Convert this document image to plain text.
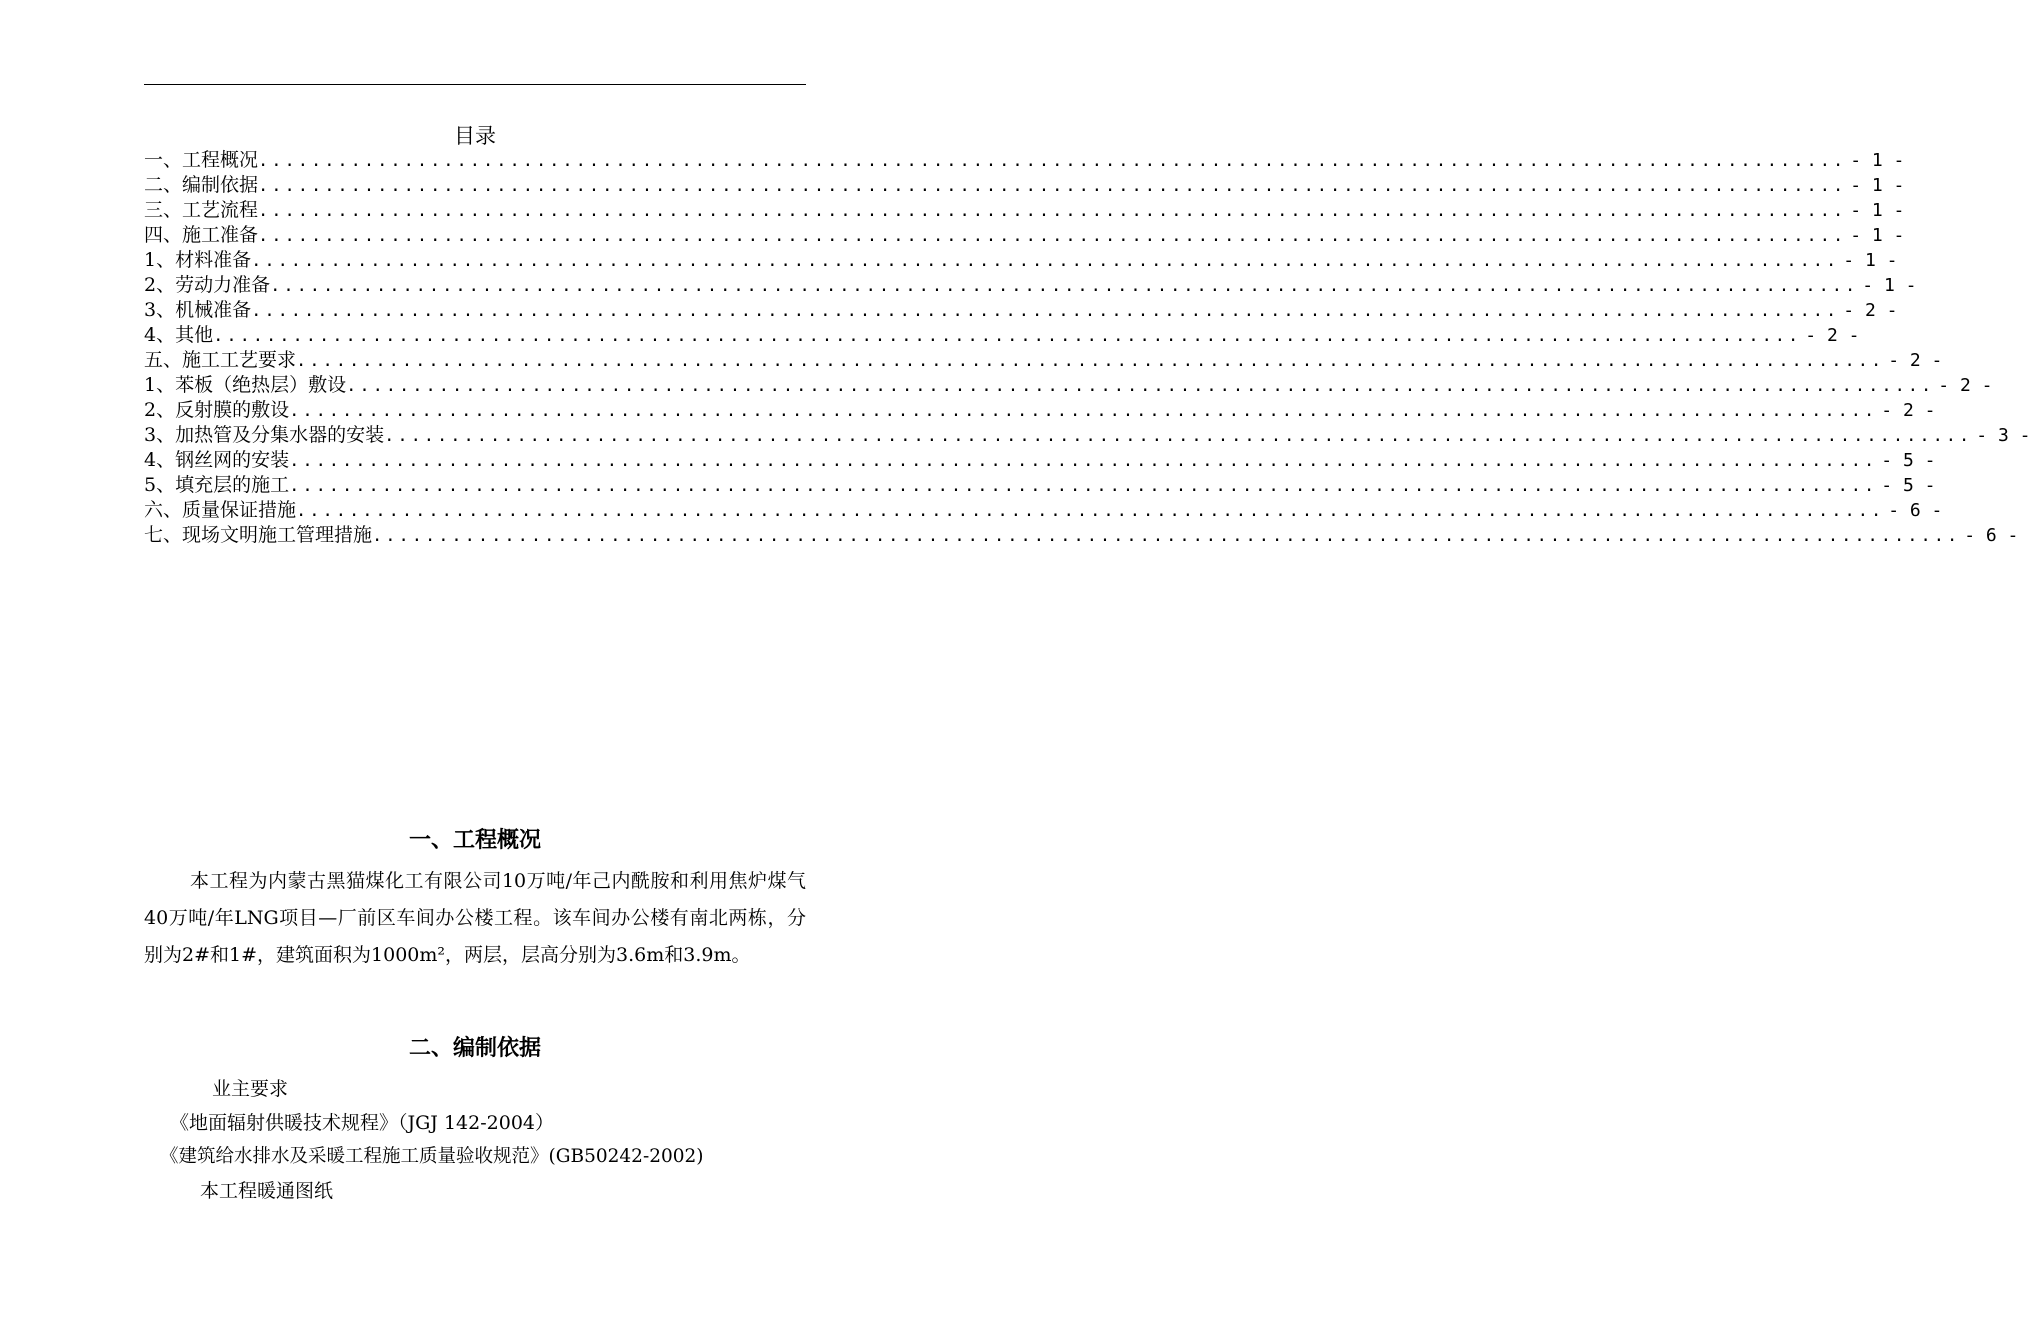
目录
一、工程概况 ........................................................................................................................ - 1 -
二、编制依据 ........................................................................................................................ - 1 -
三、工艺流程 ........................................................................................................................ - 1 -
四、施工准备 ........................................................................................................................ - 1 -
1、材料准备 ........................................................................................................................ - 1 -
2、劳动力准备 ........................................................................................................................ - 1 -
3、机械准备 ........................................................................................................................ - 2 -
4、其他 ........................................................................................................................ - 2 -
五、施工工艺要求 ........................................................................................................................ - 2 -
1、苯板（绝热层）敷设 ........................................................................................................................ - 2 -
2、反射膜的敷设 ........................................................................................................................ - 2 -
3、加热管及分集水器的安装 ........................................................................................................................ - 3 -
4、钢丝网的安装 ........................................................................................................................ - 5 -
5、填充层的施工 ........................................................................................................................ - 5 -
六、质量保证措施 ........................................................................................................................ - 6 -
七、现场文明施工管理措施 ........................................................................................................................ - 6 -
一、工程概况
本工程为内蒙古黑猫煤化工有限公司10万吨/年己内酰胺和利用焦炉煤气40万吨/年LNG项目—厂前区车间办公楼工程。该车间办公楼有南北两栋，分别为2#和1#，建筑面积为1000m²，两层，层高分别为3.6m和3.9m。
二、编制依据
业主要求
《地面辐射供暖技术规程》（JGJ 142-2004）
《建筑给水排水及采暖工程施工质量验收规范》(GB50242-2002)
本工程暖通图纸
